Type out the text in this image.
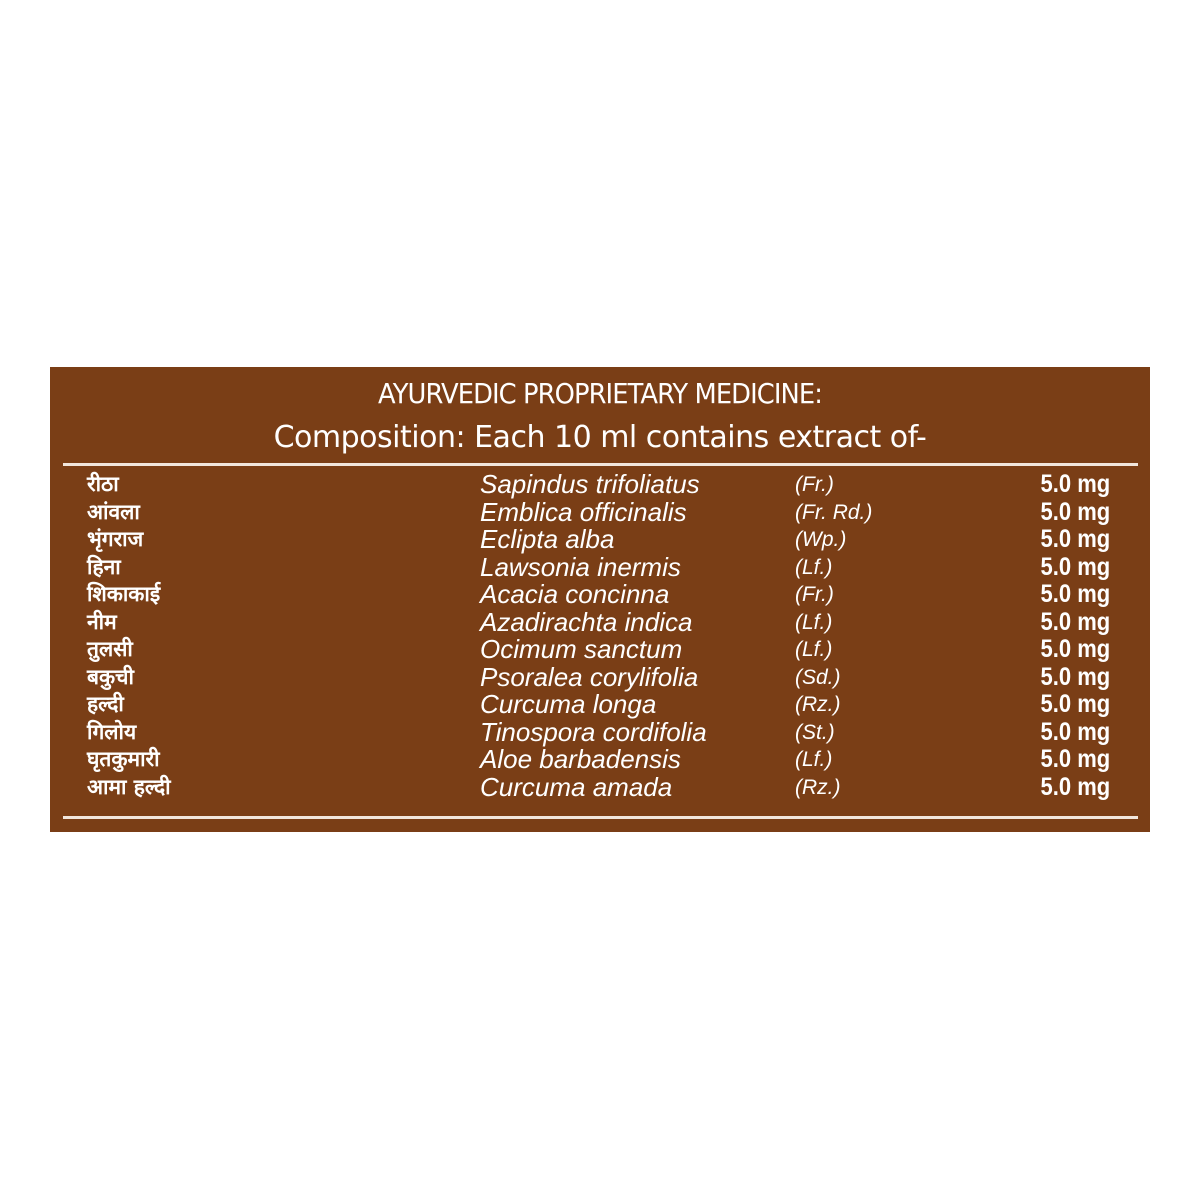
AYURVEDIC PROPRIETARY MEDICINE:
Composition: Each 10 ml contains extract of-
रीठा	Sapindus trifoliatus	(Fr.)	5.0 mg
आंवला	Emblica officinalis	(Fr. Rd.)	5.0 mg
भृंगराज	Eclipta alba	(Wp.)	5.0 mg
हिना	Lawsonia inermis	(Lf.)	5.0 mg
शिकाकाई	Acacia concinna	(Fr.)	5.0 mg
नीम	Azadirachta indica	(Lf.)	5.0 mg
तुलसी	Ocimum sanctum	(Lf.)	5.0 mg
बकुची	Psoralea corylifolia	(Sd.)	5.0 mg
हल्दी	Curcuma longa	(Rz.)	5.0 mg
गिलोय	Tinospora cordifolia	(St.)	5.0 mg
घृतकुमारी	Aloe barbadensis	(Lf.)	5.0 mg
आमा हल्दी	Curcuma amada	(Rz.)	5.0 mg
